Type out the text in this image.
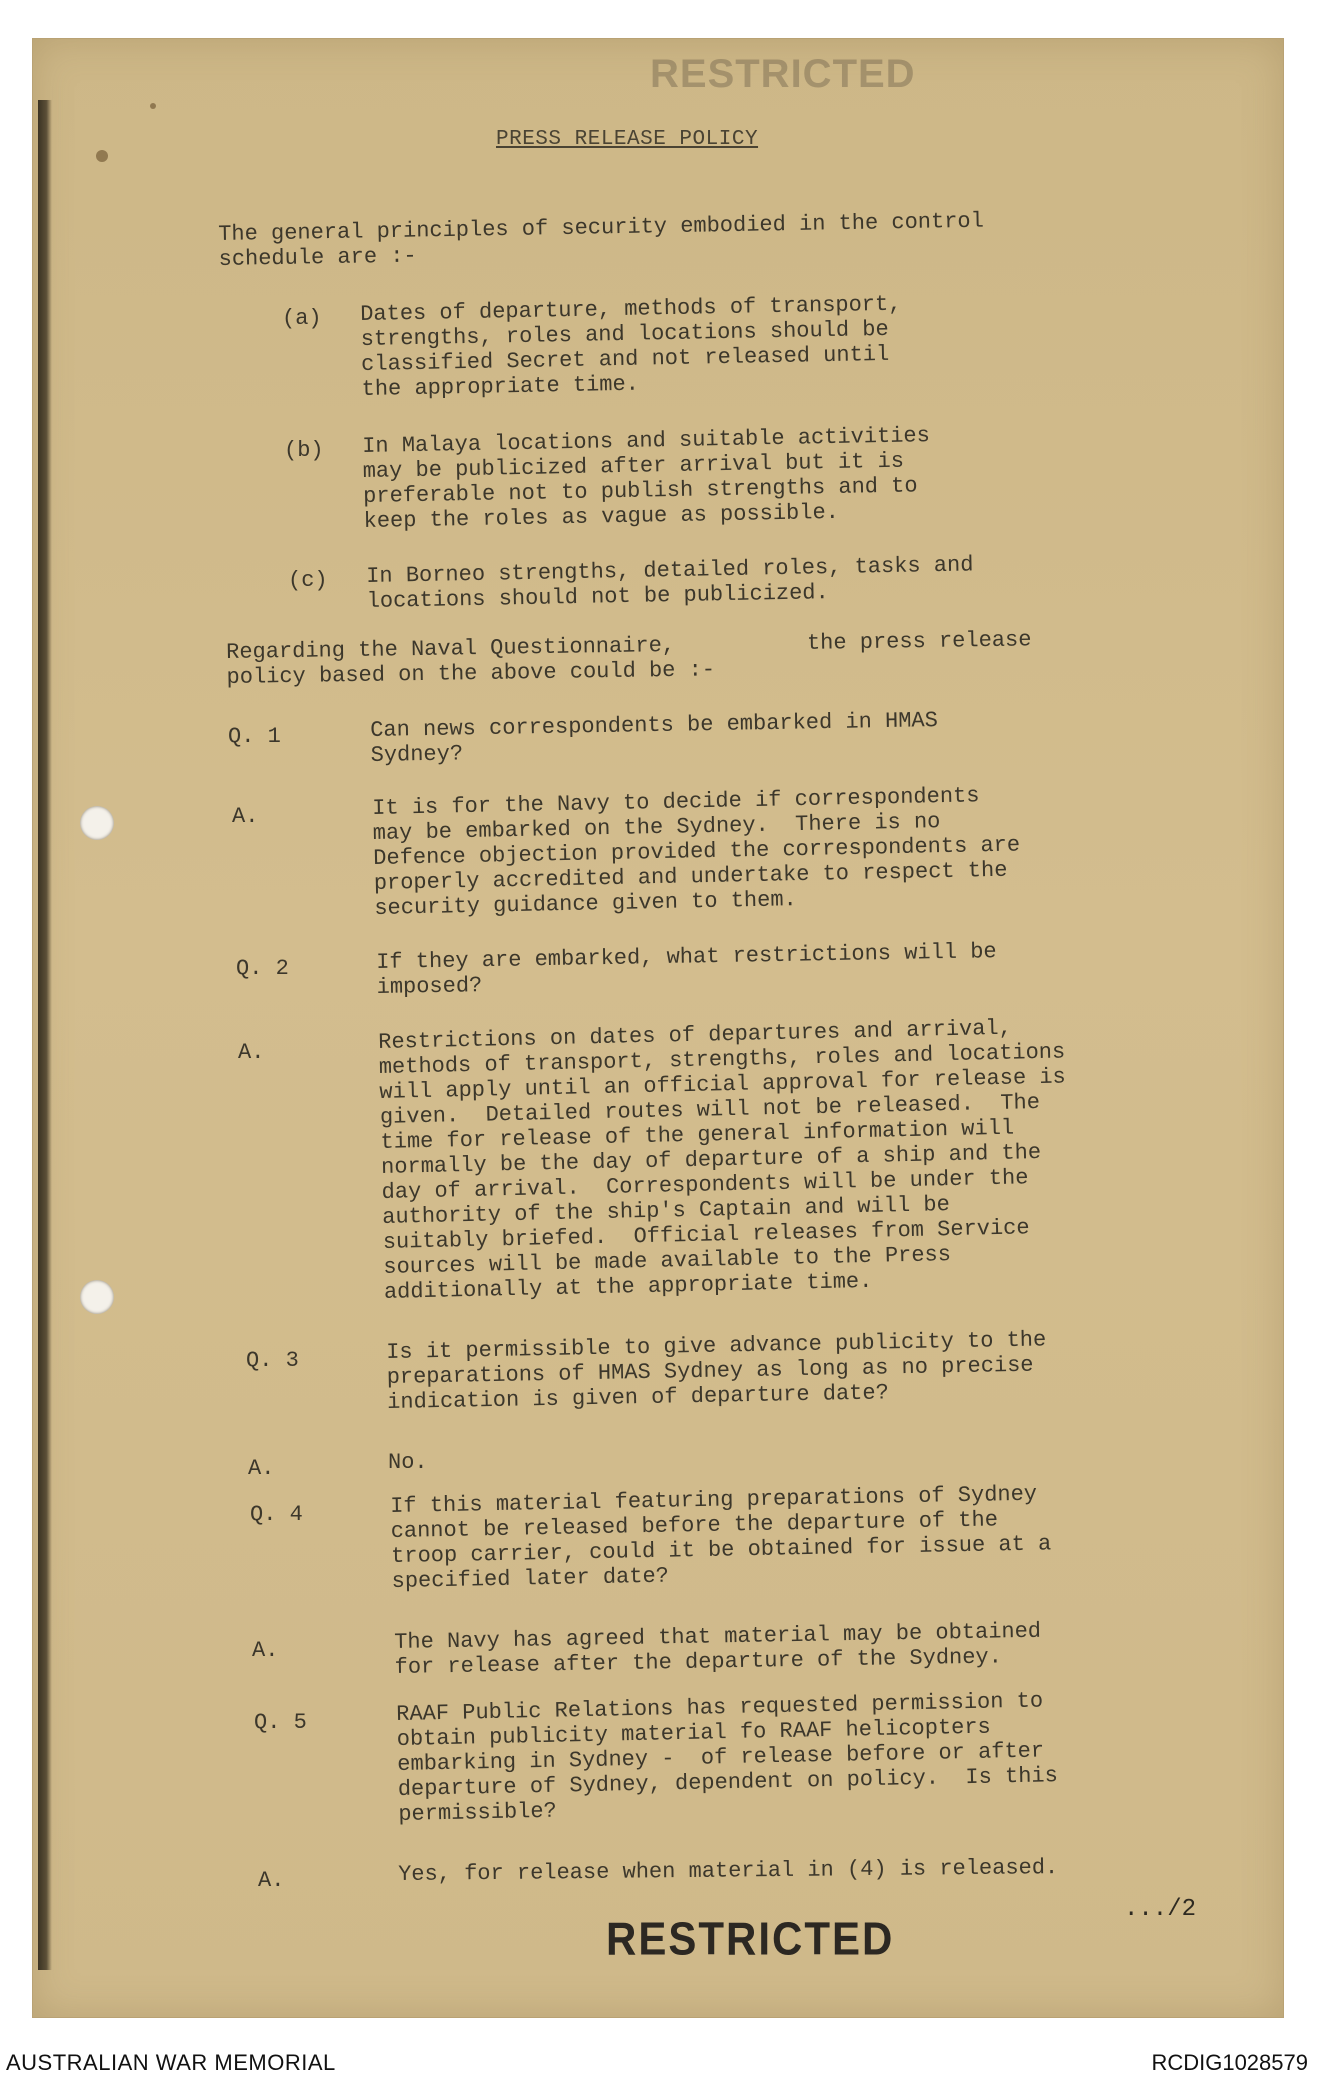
RESTRICTED
PRESS RELEASE POLICY
The general principles of security embodied in the control
schedule are :-
(a) Dates of departure, methods of transport,
strengths, roles and locations should be
classified Secret and not released until
the appropriate time.
(b) In Malaya locations and suitable activities
may be publicized after arrival but it is
preferable not to publish strengths and to
keep the roles as vague as possible.
(c) In Borneo strengths, detailed roles, tasks and
locations should not be publicized.
Regarding the Naval Questionnaire,          the press release
policy based on the above could be :-
Q. 1	Can news correspondents be embarked in HMAS
Sydney?
A.	It is for the Navy to decide if correspondents
may be embarked on the Sydney.  There is no
Defence objection provided the correspondents are
properly accredited and undertake to respect the
security guidance given to them.
Q. 2	If they are embarked, what restrictions will be
imposed?
A.	Restrictions on dates of departures and arrival,
methods of transport, strengths, roles and locations
will apply until an official approval for release is
given.  Detailed routes will not be released.  The
time for release of the general information will
normally be the day of departure of a ship and the
day of arrival.  Correspondents will be under the
authority of the ship's Captain and will be
suitably briefed.  Official releases from Service
sources will be made available to the Press
additionally at the appropriate time.
Q. 3	Is it permissible to give advance publicity to the
preparations of HMAS Sydney as long as no precise
indication is given of departure date?
A.	No.
Q. 4	If this material featuring preparations of Sydney
cannot be released before the departure of the
troop carrier, could it be obtained for issue at a
specified later date?
A.	The Navy has agreed that material may be obtained
for release after the departure of the Sydney.
Q. 5	RAAF Public Relations has requested permission to
obtain publicity material fo RAAF helicopters
embarking in Sydney -  of release before or after
departure of Sydney, dependent on policy.  Is this
permissible?
A.	Yes, for release when material in (4) is released.
.../2
RESTRICTED
AUSTRALIAN WAR MEMORIAL	RCDIG1028579
